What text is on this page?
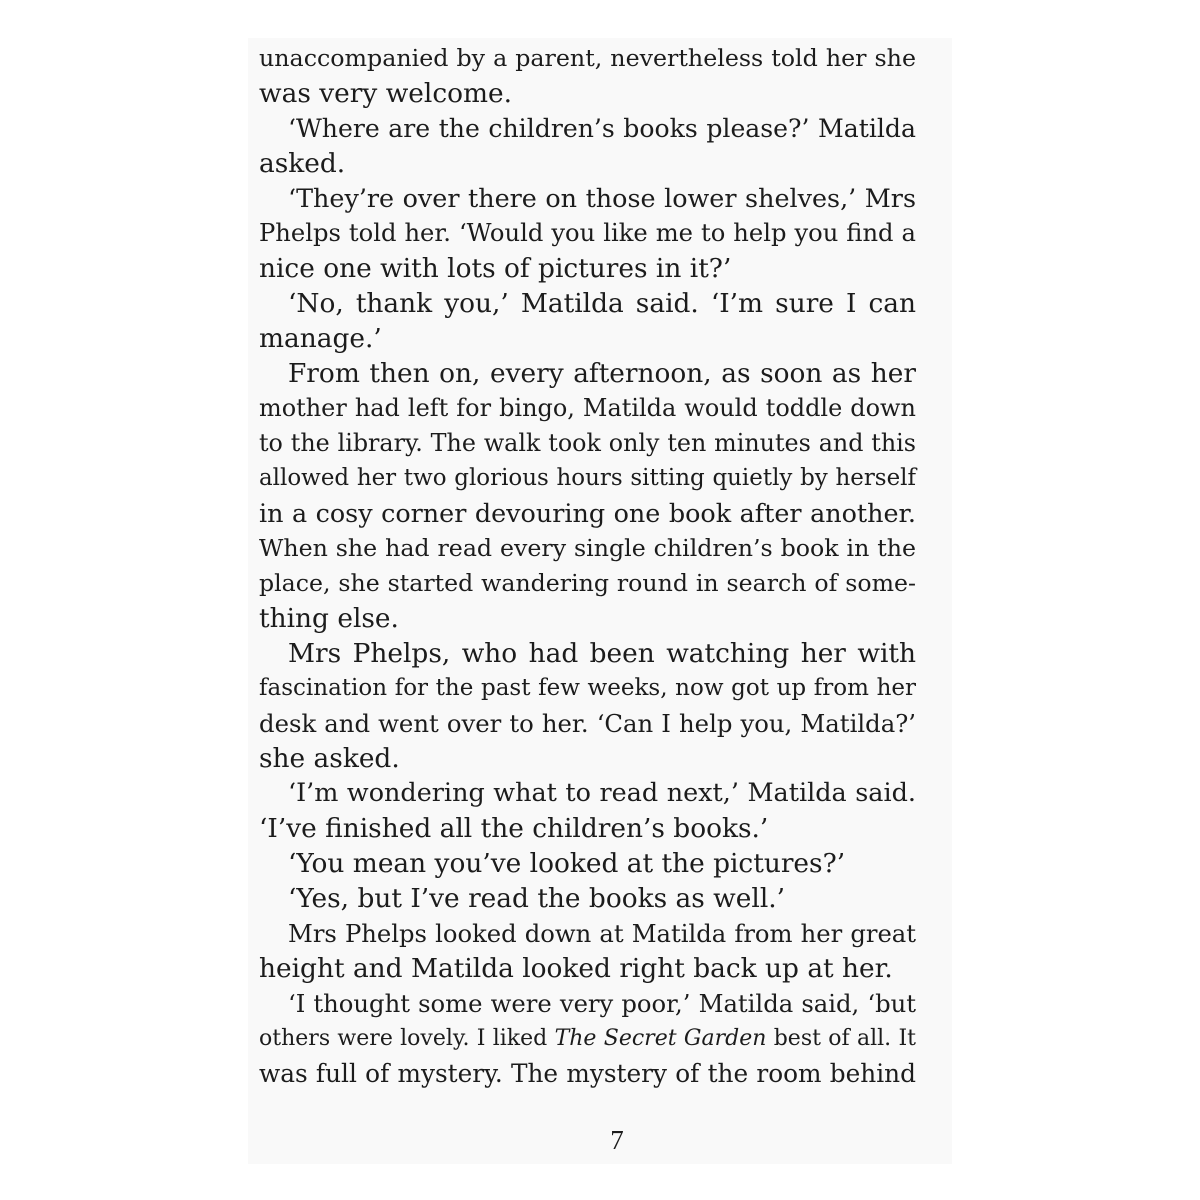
unaccompanied by a parent, nevertheless told her she
was very welcome.
‘Where are the children’s books please?’ Matilda
asked.
‘They’re over there on those lower shelves,’ Mrs
Phelps told her. ‘Would you like me to help you find a
nice one with lots of pictures in it?’
‘No, thank you,’ Matilda said. ‘I’m sure I can
manage.’
From then on, every afternoon, as soon as her
mother had left for bingo, Matilda would toddle down
to the library. The walk took only ten minutes and this
allowed her two glorious hours sitting quietly by herself
in a cosy corner devouring one book after another.
When she had read every single children’s book in the
place, she started wandering round in search of some-
thing else.
Mrs Phelps, who had been watching her with
fascination for the past few weeks, now got up from her
desk and went over to her. ‘Can I help you, Matilda?’
she asked.
‘I’m wondering what to read next,’ Matilda said.
‘I’ve finished all the children’s books.’
‘You mean you’ve looked at the pictures?’
‘Yes, but I’ve read the books as well.’
Mrs Phelps looked down at Matilda from her great
height and Matilda looked right back up at her.
‘I thought some were very poor,’ Matilda said, ‘but
others were lovely. I liked The Secret Garden best of all. It
was full of mystery. The mystery of the room behind
7
